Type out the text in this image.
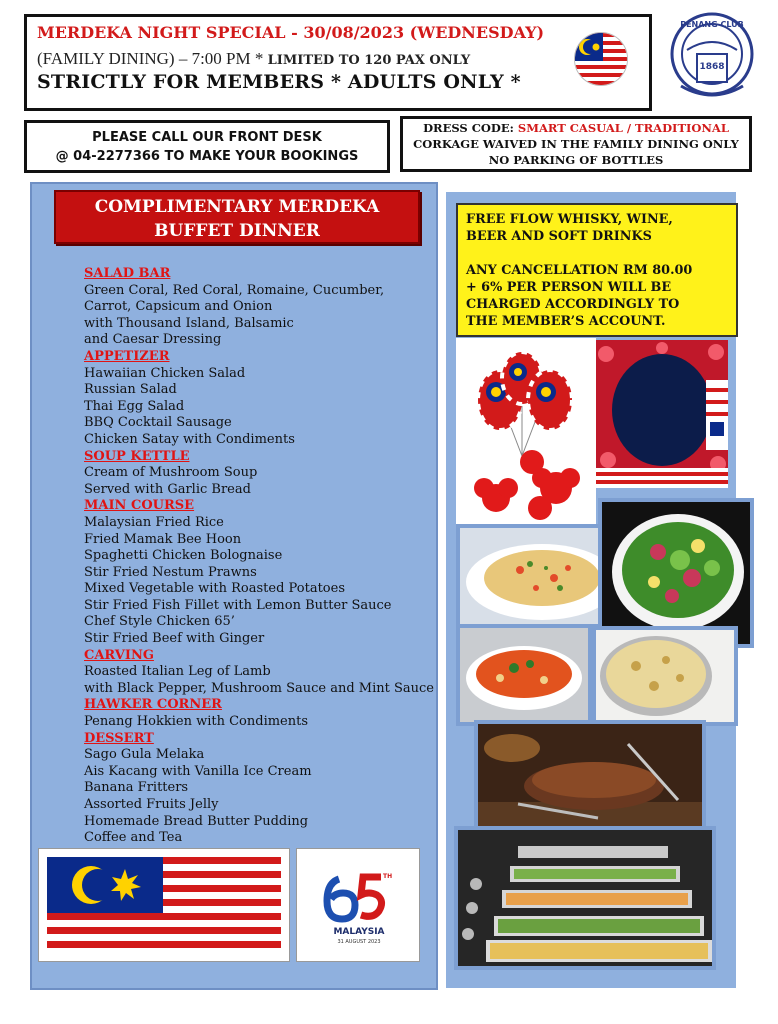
MERDEKA NIGHT SPECIAL - 30/08/2023 (WEDNESDAY)
(FAMILY DINING) – 7:00 PM * LIMITED TO 120 PAX ONLY
STRICTLY FOR MEMBERS * ADULTS ONLY *
PENANG CLUB
1868
PLEASE CALL OUR FRONT DESK
@ 04-2277366 TO MAKE YOUR BOOKINGS
DRESS CODE: SMART CASUAL / TRADITIONAL
CORKAGE WAIVED IN THE FAMILY DINING ONLY
NO PARKING OF BOTTLES
COMPLIMENTARY MERDEKA
BUFFET DINNER
SALAD BAR
Green Coral, Red Coral, Romaine, Cucumber,
Carrot, Capsicum and Onion
with Thousand Island, Balsamic
and Caesar Dressing
APPETIZER
Hawaiian Chicken Salad
Russian Salad
Thai Egg Salad
BBQ Cocktail Sausage
Chicken Satay with Condiments
SOUP KETTLE
Cream of Mushroom Soup
Served with Garlic Bread
MAIN COURSE
Malaysian Fried Rice
Fried Mamak Bee Hoon
Spaghetti Chicken Bolognaise
Stir Fried Nestum Prawns
Mixed Vegetable with Roasted Potatoes
Stir Fried Fish Fillet with Lemon Butter Sauce
Chef Style Chicken 65’
Stir Fried Beef with Ginger
CARVING
Roasted Italian Leg of Lamb
with Black Pepper, Mushroom Sauce and Mint Sauce
HAWKER CORNER
Penang Hokkien with Condiments
DESSERT
Sago Gula Melaka
Ais Kacang with Vanilla Ice Cream
Banana Fritters
Assorted Fruits Jelly
Homemade Bread Butter Pudding
Coffee and Tea
TH
MALAYSIA
31 AUGUST 2023
FREE FLOW WHISKY, WINE,
BEER AND SOFT DRINKS
ANY CANCELLATION RM 80.00
+ 6% PER PERSON WILL BE
CHARGED ACCORDINGLY TO
THE MEMBER’S ACCOUNT.
